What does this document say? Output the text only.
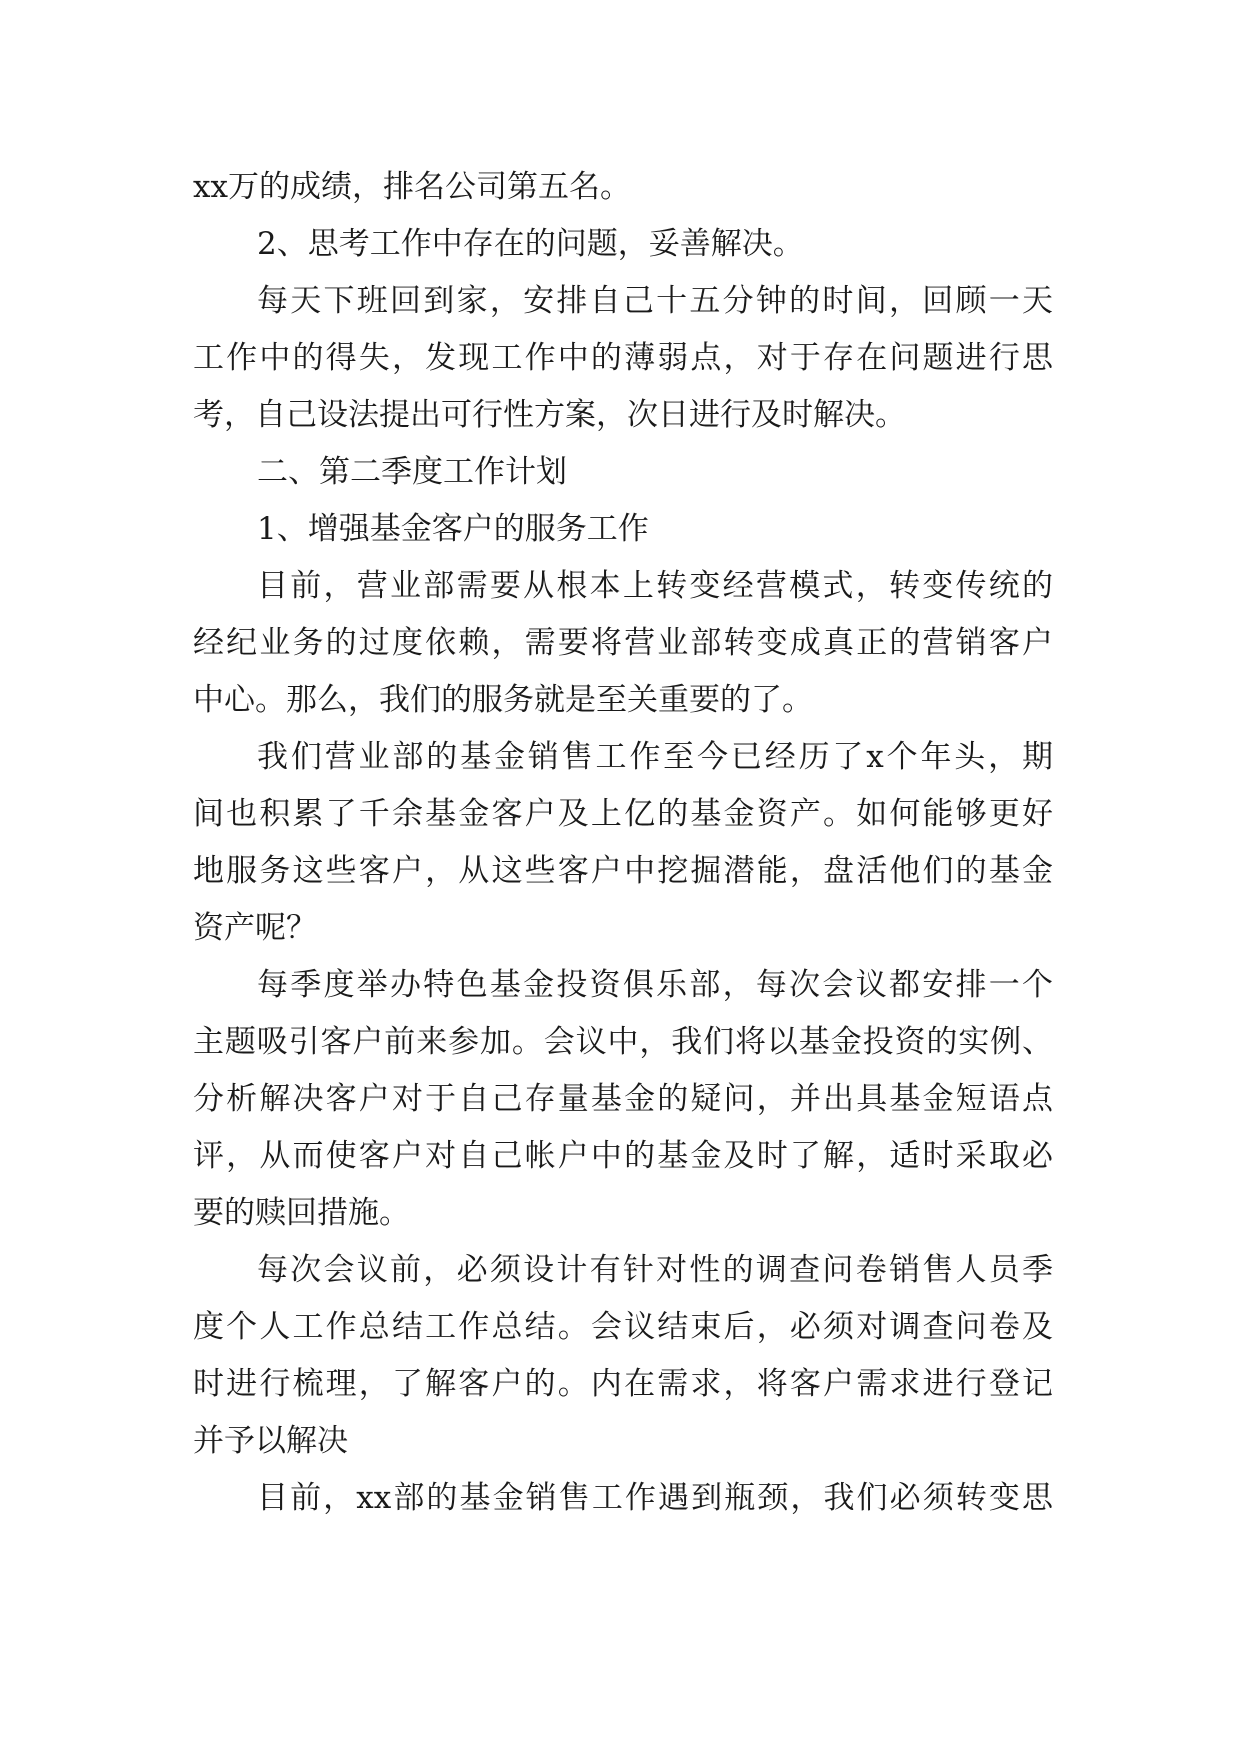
xx万的成绩，排名公司第五名。
2、思考工作中存在的问题，妥善解决。
每天下班回到家，安排自己十五分钟的时间，回顾一天
工作中的得失，发现工作中的薄弱点，对于存在问题进行思
考，自己设法提出可行性方案，次日进行及时解决。
二、第二季度工作计划
1、增强基金客户的服务工作
目前，营业部需要从根本上转变经营模式，转变传统的
经纪业务的过度依赖，需要将营业部转变成真正的营销客户
中心。那么，我们的服务就是至关重要的了。
我们营业部的基金销售工作至今已经历了x个年头，期
间也积累了千余基金客户及上亿的基金资产。如何能够更好
地服务这些客户，从这些客户中挖掘潜能，盘活他们的基金
资产呢？
每季度举办特色基金投资俱乐部，每次会议都安排一个
主题吸引客户前来参加。会议中，我们将以基金投资的实例、
分析解决客户对于自己存量基金的疑问，并出具基金短语点
评，从而使客户对自己帐户中的基金及时了解，适时采取必
要的赎回措施。
每次会议前，必须设计有针对性的调查问卷销售人员季
度个人工作总结工作总结。会议结束后，必须对调查问卷及
时进行梳理，了解客户的。内在需求，将客户需求进行登记
并予以解决
目前，xx部的基金销售工作遇到瓶颈，我们必须转变思
